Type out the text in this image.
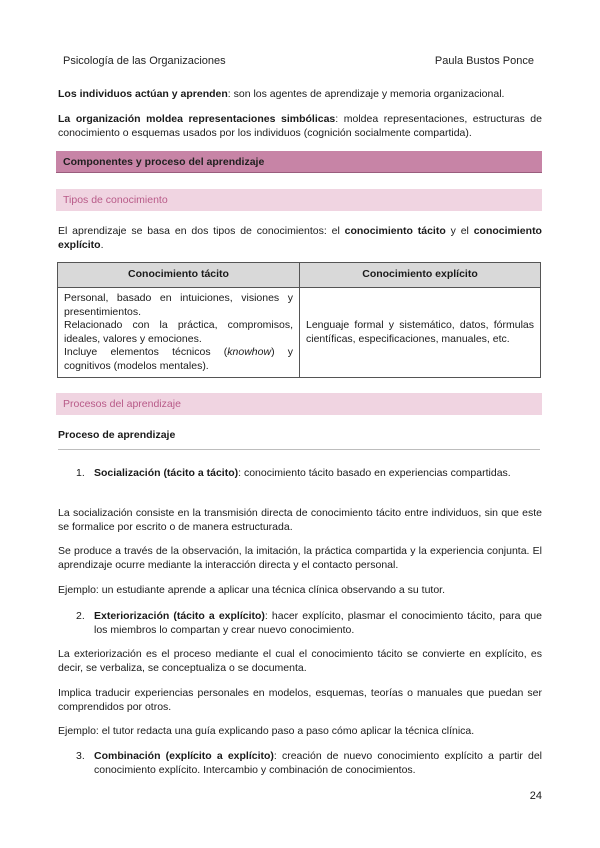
Psicología de las Organizaciones	Paula Bustos Ponce
Los individuos actúan y aprenden: son los agentes de aprendizaje y memoria organizacional.
La organización moldea representaciones simbólicas: moldea representaciones, estructuras de conocimiento o esquemas usados por los individuos (cognición socialmente compartida).
Componentes y proceso del aprendizaje
Tipos de conocimiento
El aprendizaje se basa en dos tipos de conocimientos: el conocimiento tácito y el conocimiento explícito.
Conocimiento tácito	Conocimiento explícito

Personal, basado en intuiciones, visiones y presentimientos.
Relacionado con la práctica, compromisos, ideales, valores y emociones.
Incluye elementos técnicos (knowhow) y cognitivos (modelos mentales).	Lenguaje formal y sistemático, datos, fórmulas científicas, especificaciones, manuales, etc.
Procesos del aprendizaje
Proceso de aprendizaje
1. Socialización (tácito a tácito): conocimiento tácito basado en experiencias compartidas.
La socialización consiste en la transmisión directa de conocimiento tácito entre individuos, sin que este se formalice por escrito o de manera estructurada.
Se produce a través de la observación, la imitación, la práctica compartida y la experiencia conjunta. El aprendizaje ocurre mediante la interacción directa y el contacto personal.
Ejemplo: un estudiante aprende a aplicar una técnica clínica observando a su tutor.
2. Exteriorización (tácito a explícito): hacer explícito, plasmar el conocimiento tácito, para que los miembros lo compartan y crear nuevo conocimiento.
La exteriorización es el proceso mediante el cual el conocimiento tácito se convierte en explícito, es decir, se verbaliza, se conceptualiza o se documenta.
Implica traducir experiencias personales en modelos, esquemas, teorías o manuales que puedan ser comprendidos por otros.
Ejemplo: el tutor redacta una guía explicando paso a paso cómo aplicar la técnica clínica.
3. Combinación (explícito a explícito): creación de nuevo conocimiento explícito a partir del conocimiento explícito. Intercambio y combinación de conocimientos.
24
